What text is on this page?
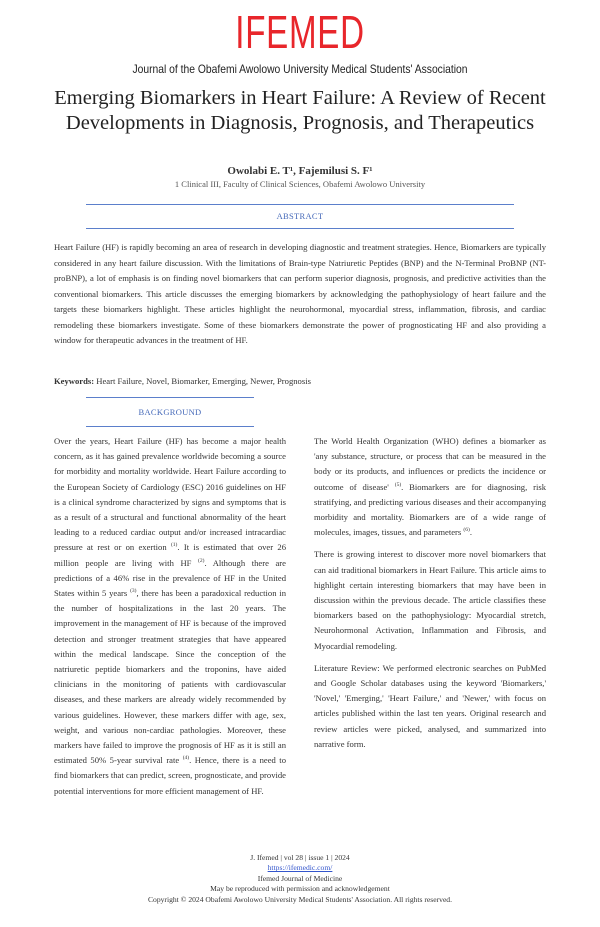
IFEMED
Journal of the Obafemi Awolowo University Medical Students' Association
Emerging Biomarkers in Heart Failure: A Review of Recent Developments in Diagnosis, Prognosis, and Therapeutics
Owolabi E. T¹, Fajemilusi S. F¹
1 Clinical III, Faculty of Clinical Sciences, Obafemi Awolowo University
ABSTRACT
Heart Failure (HF) is rapidly becoming an area of research in developing diagnostic and treatment strategies. Hence, Biomarkers are typically considered in any heart failure discussion. With the limitations of Brain-type Natriuretic Peptides (BNP) and the N-Terminal ProBNP (NT-proBNP), a lot of emphasis is on finding novel biomarkers that can perform superior diagnosis, prognosis, and predictive activities than the conventional biomarkers. This article discusses the emerging biomarkers by acknowledging the pathophysiology of heart failure and the targets these biomarkers highlight. These articles highlight the neurohormonal, myocardial stress, inflammation, fibrosis, and cardiac remodeling these biomarkers investigate. Some of these biomarkers demonstrate the power of prognosticating HF and also providing a window for therapeutic advances in the treatment of HF.
Keywords: Heart Failure, Novel, Biomarker, Emerging, Newer, Prognosis
BACKGROUND

Over the years, Heart Failure (HF) has become a major health concern, as it has gained prevalence worldwide becoming a source for morbidity and mortality worldwide. Heart Failure according to the European Society of Cardiology (ESC) 2016 guidelines on HF is a clinical syndrome characterized by signs and symptoms that is as a result of a structural and functional abnormality of the heart leading to a reduced cardiac output and/or increased intracardiac pressure at rest or on exertion $^{(1)}$. It is estimated that over 26 million people are living with HF $^{(2)}$. Although there are predictions of a 46% rise in the prevalence of HF in the United States within 5 years $^{(3)}$, there has been a paradoxical reduction in the number of hospitalizations in the last 20 years. The improvement in the management of HF is because of the improved detection and stronger treatment strategies that have appeared within the medical landscape. Since the conception of the natriuretic peptide biomarkers and the troponins, have aided clinicians in the monitoring of patients with cardiovascular diseases, and these markers are already widely recommended by various guidelines. However, these markers differ with age, sex, weight, and various non-cardiac pathologies. Moreover, these markers have failed to improve the prognosis of HF as it is still an estimated 50% 5-year survival rate $^{(4)}$. Hence, there is a need to find biomarkers that can predict, screen, prognosticate, and provide potential interventions for more efficient management of HF.

The World Health Organization (WHO) defines a biomarker as 'any substance, structure, or process that can be measured in the body or its products, and influences or predicts the incidence or outcome of disease' $^{(5)}$. Biomarkers are for diagnosing, risk stratifying, and predicting various diseases and their accompanying morbidity and mortality. Biomarkers are of a wide range of molecules, images, tissues, and parameters $^{(6)}$.

There is growing interest to discover more novel biomarkers that can aid traditional biomarkers in Heart Failure. This article aims to highlight certain interesting biomarkers that may have been in discussion within the previous decade. The article classifies these biomarkers based on the pathophysiology: Myocardial stretch, Neurohormonal Activation, Inflammation and Fibrosis, and Myocardial remodeling.

Literature Review: We performed electronic searches on PubMed and Google Scholar databases using the keyword 'Biomarkers,' 'Novel,' 'Emerging,' 'Heart Failure,' and 'Newer,' with focus on articles published within the last ten years. Original research and review articles were picked, analysed, and summarized into narrative form.

J. Ifemed | vol 28 | issue 1 | 2024
https://ifemedic.com/
Ifemed Journal of Medicine
May be reproduced with permission and acknowledgement
Copyright © 2024 Obafemi Awolowo University Medical Students' Association. All rights reserved.
